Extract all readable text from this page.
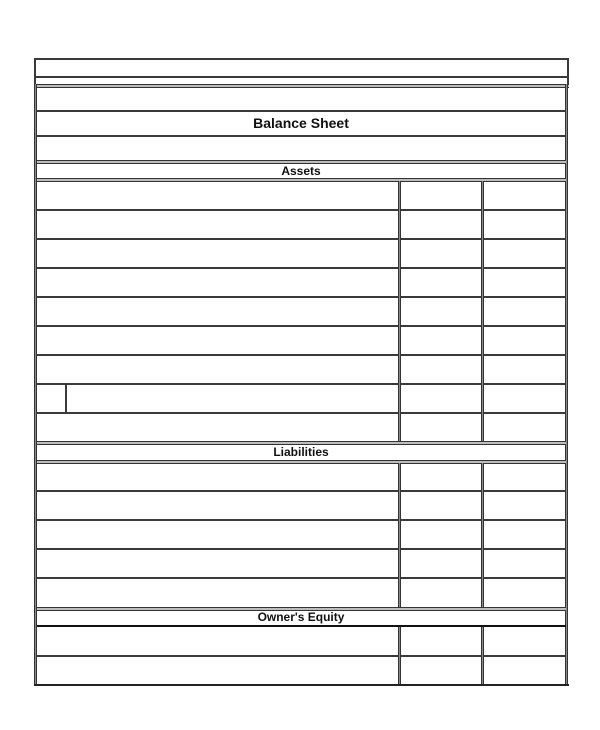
Balance Sheet
Assets
Liabilities
Owner's Equity
